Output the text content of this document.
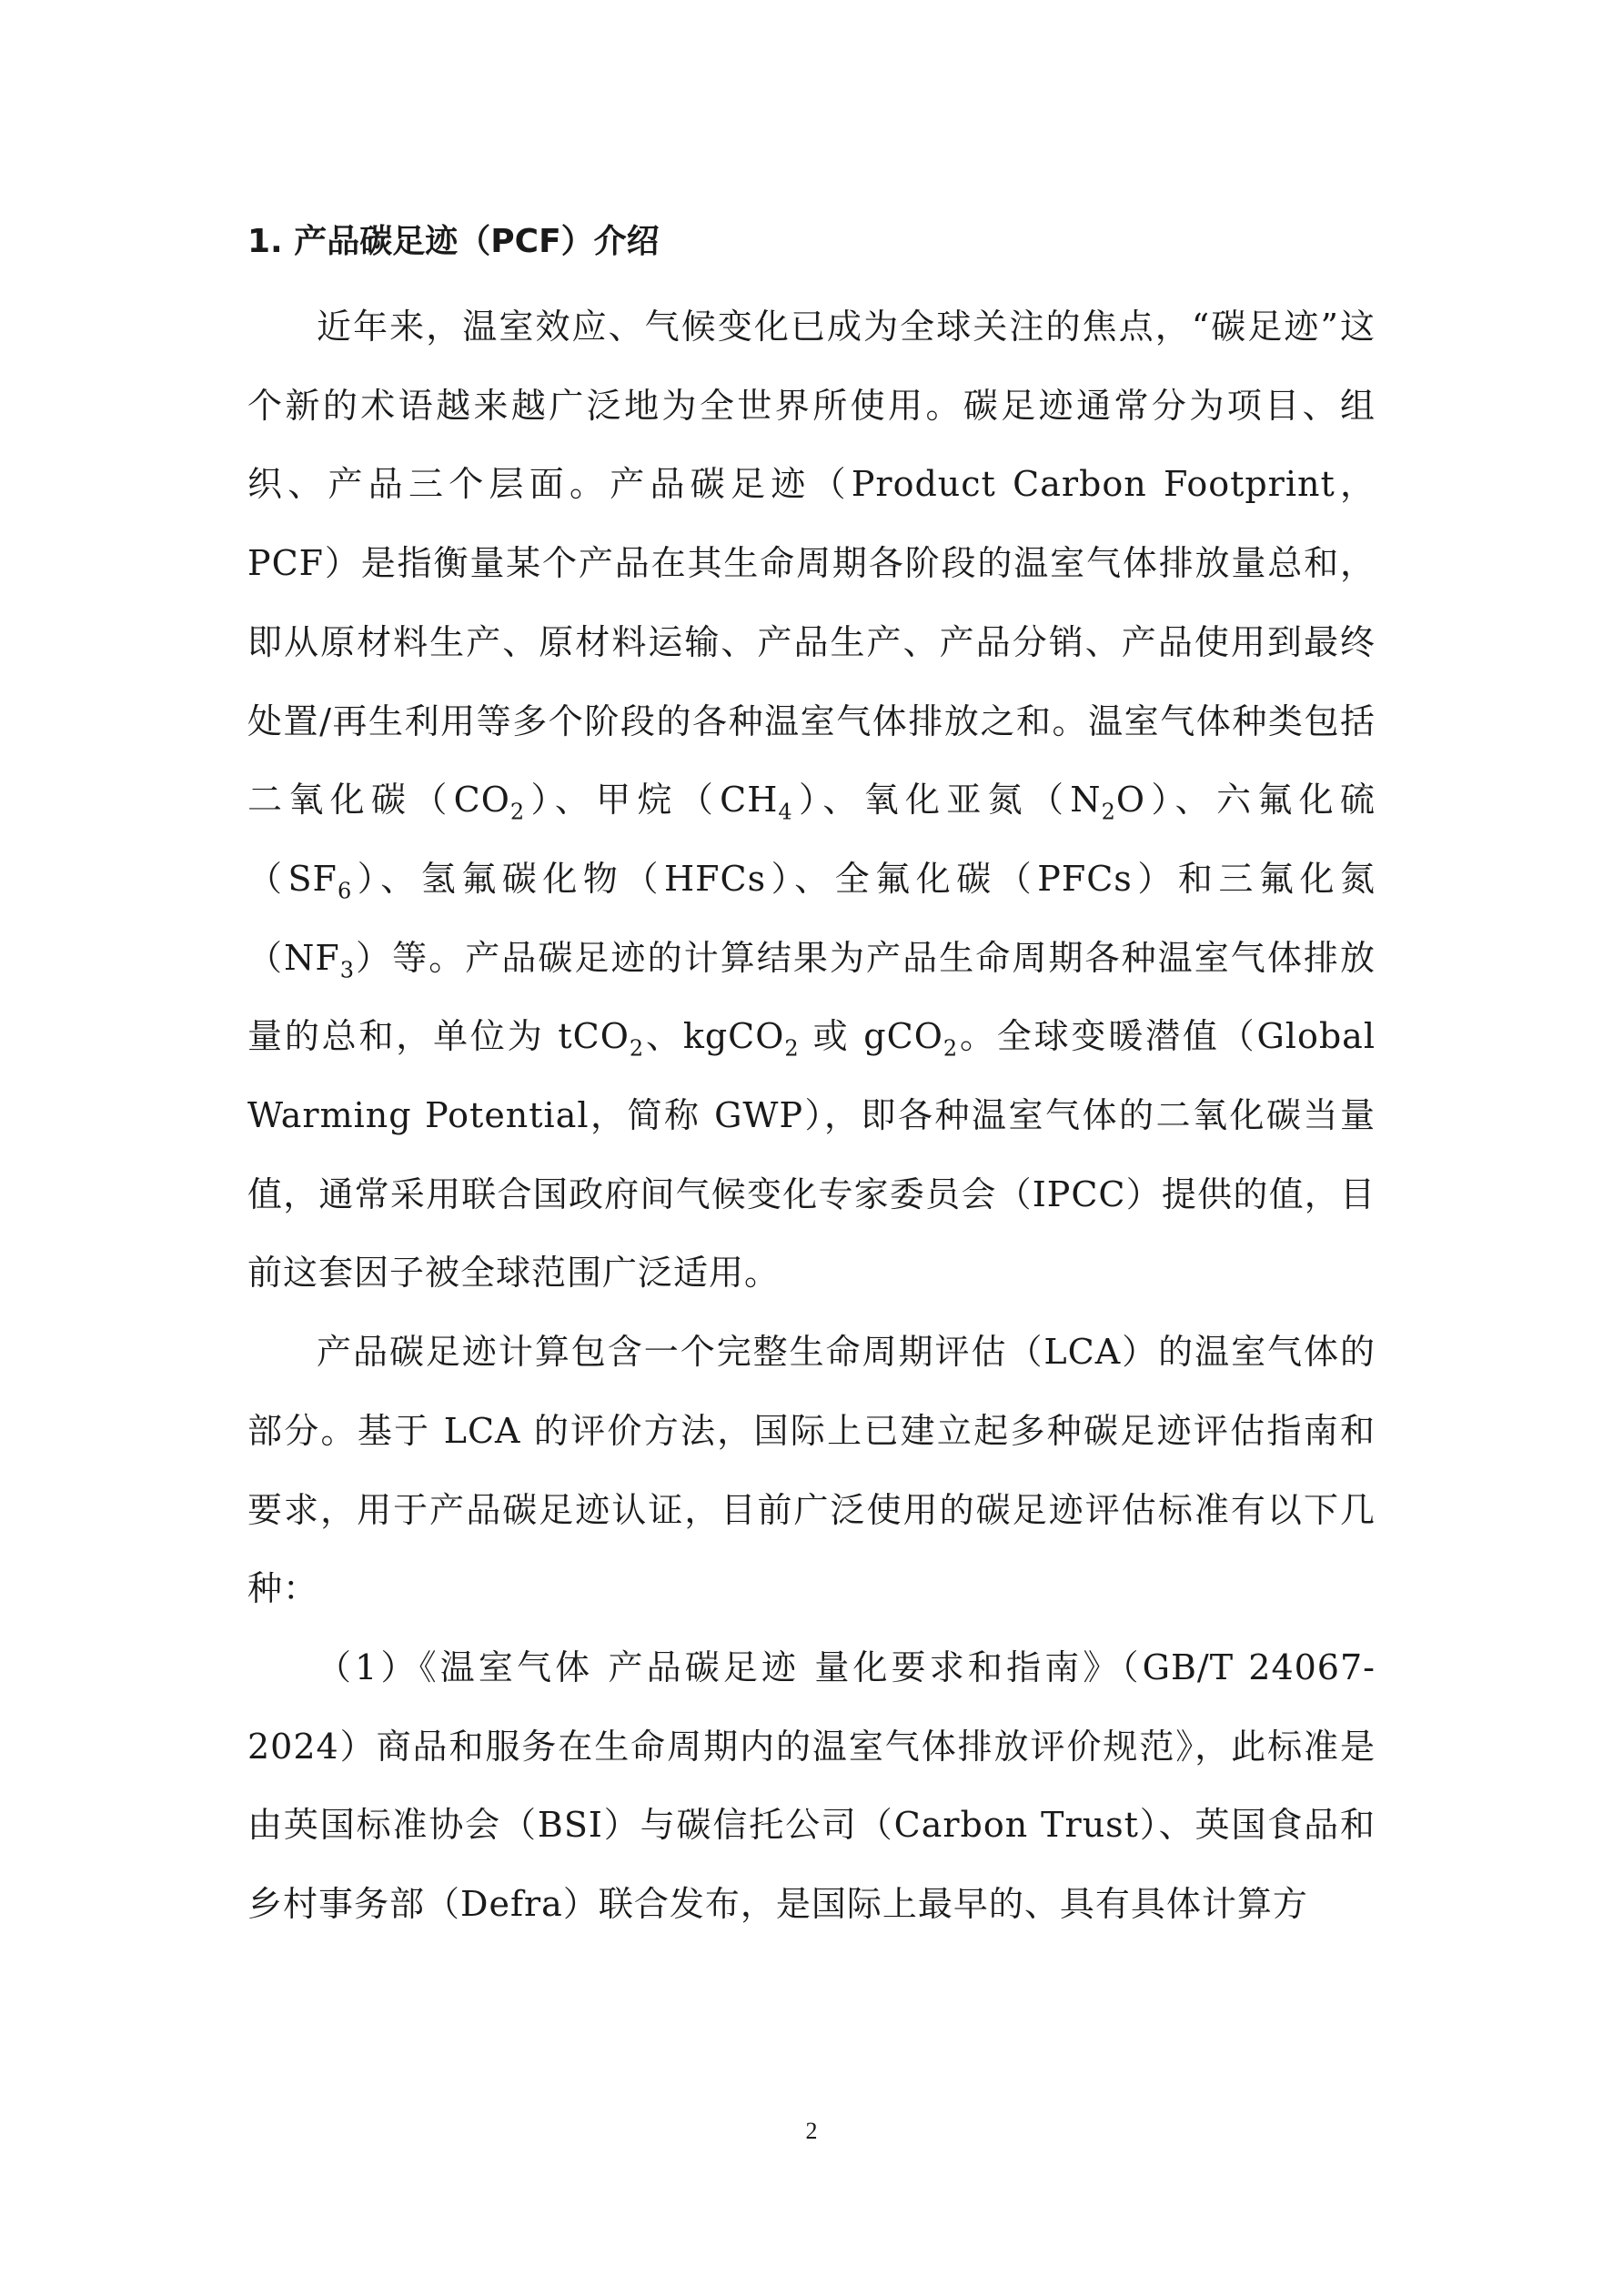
1. 产品碳足迹（PCF）介绍

近年来，温室效应、气候变化已成为全球关注的焦点，“碳足迹”这个新的术语越来越广泛地为全世界所使用。碳足迹通常分为项目、组织、产品三个层面。产品碳足迹（Product Carbon Footprint，PCF）是指衡量某个产品在其生命周期各阶段的温室气体排放量总和，即从原材料生产、原材料运输、产品生产、产品分销、产品使用到最终处置/再生利用等多个阶段的各种温室气体排放之和。温室气体种类包括二氧化碳$(CO_2)$、甲烷$(CH_4)$、氧化亚氮$(N_2O)$、六氟化硫$(SF_6)$、氢氟碳化物（HFCs）、全氟化碳（PFCs）和三氟化氮$(NF_3)$等。产品碳足迹的计算结果为产品生命周期各种温室气体排放量的总和，单位为 tCO$_2$、kgCO$_2$ 或 gCO$_2$。全球变暖潜值（Global Warming Potential，简称 GWP），即各种温室气体的二氧化碳当量值，通常采用联合国政府间气候变化专家委员会（IPCC）提供的值，目前这套因子被全球范围广泛适用。

产品碳足迹计算包含一个完整生命周期评估（LCA）的温室气体的部分。基于 LCA 的评价方法，国际上已建立起多种碳足迹评估指南和要求，用于产品碳足迹认证，目前广泛使用的碳足迹评估标准有以下几种：

（1）《温室气体 产品碳足迹 量化要求和指南》（GB/T 24067-2024）商品和服务在生命周期内的温室气体排放评价规范》，此标准是由英国标准协会（BSI）与碳信托公司（Carbon Trust）、英国食品和乡村事务部（Defra）联合发布，是国际上最早的、具有具体计算方

2
